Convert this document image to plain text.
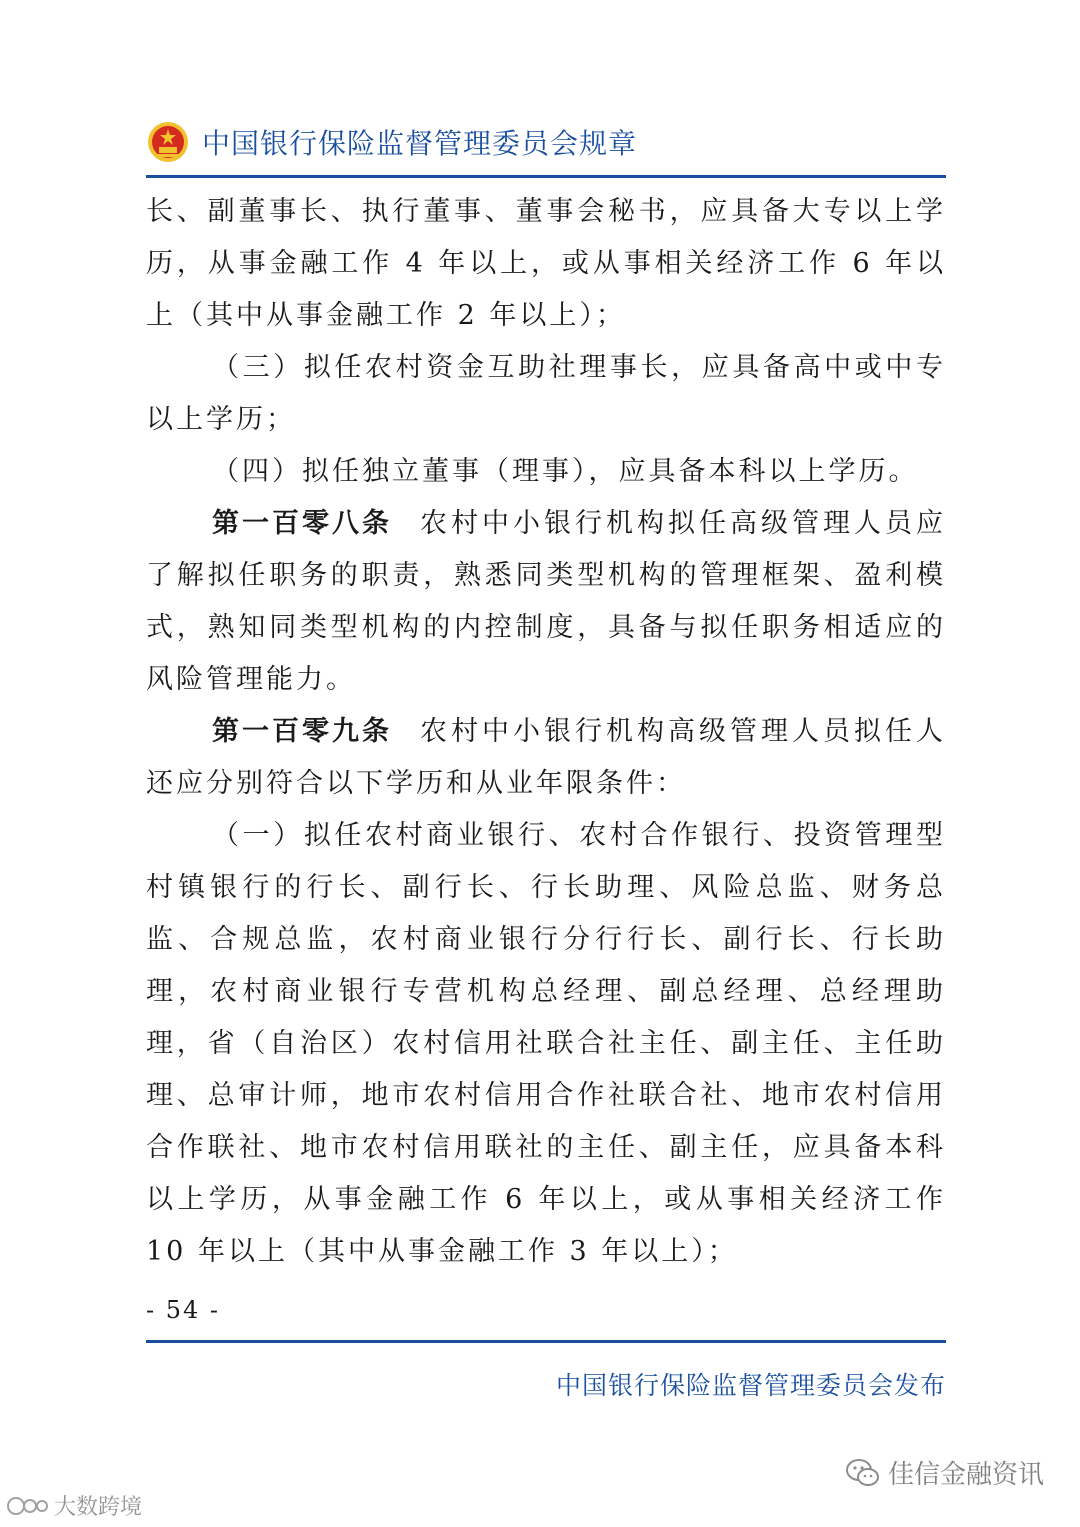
中国银行保险监督管理委员会规章

长、副董事长、执行董事、董事会秘书，应具备大专以上学历，从事金融工作 4 年以上，或从事相关经济工作 6 年以上（其中从事金融工作 2 年以上）；

（三）拟任农村资金互助社理事长，应具备高中或中专以上学历；

（四）拟任独立董事（理事），应具备本科以上学历。

第一百零八条 农村中小银行机构拟任高级管理人员应了解拟任职务的职责，熟悉同类型机构的管理框架、盈利模式，熟知同类型机构的内控制度，具备与拟任职务相适应的风险管理能力。

第一百零九条 农村中小银行机构高级管理人员拟任人还应分别符合以下学历和从业年限条件：

（一）拟任农村商业银行、农村合作银行、投资管理型村镇银行的行长、副行长、行长助理、风险总监、财务总监、合规总监，农村商业银行分行行长、副行长、行长助理，农村商业银行专营机构总经理、副总经理、总经理助理，省（自治区）农村信用社联合社主任、副主任、主任助理、总审计师，地市农村信用合作社联合社、地市农村信用合作联社、地市农村信用联社的主任、副主任，应具备本科以上学历，从事金融工作 6 年以上，或从事相关经济工作 10 年以上（其中从事金融工作 3 年以上）；

- 54 -
中国银行保险监督管理委员会发布
佳信金融资讯
大数跨境
